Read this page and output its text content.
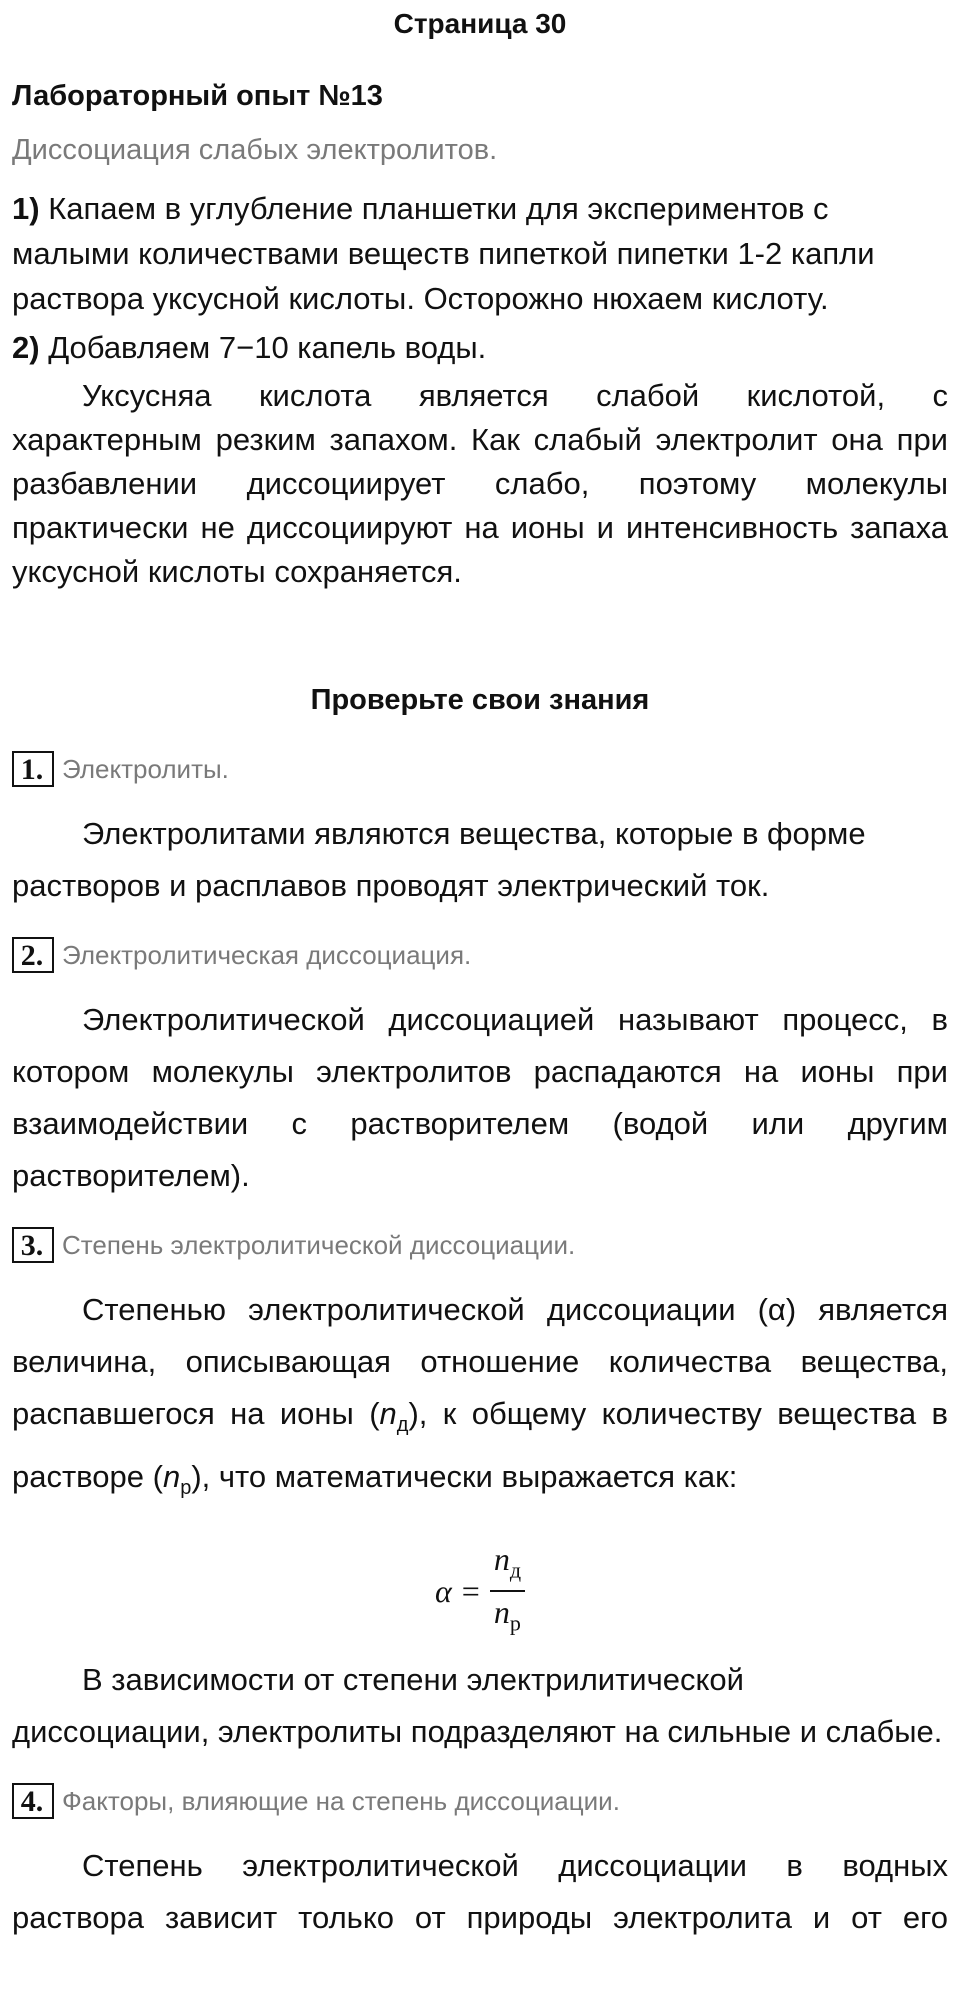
Страница 30
Лабораторный опыт №13
Диссоциация слабых электролитов.

1) Капаем в углубление планшетки для экспериментов с малыми количествами веществ пипеткой пипетки 1-2 капли раствора уксусной кислоты. Осторожно нюхаем кислоту.

2) Добавляем 7−10 капель воды.

Уксусняа кислота является слабой кислотой, с характерным резким запахом. Как слабый электролит она при разбавлении диссоциирует слабо, поэтому молекулы практически не диссоциируют на ионы и интенсивность запаха уксусной кислоты сохраняется.

Проверьте свои знания
1. Электролиты.

Электролитами являются вещества, которые в форме растворов и расплавов проводят электрический ток.

2. Электролитическая диссоциация.

Электролитической диссоциацией называют процесс, в котором молекулы электролитов распадаются на ионы при взаимодействии с растворителем (водой или другим растворителем).

3. Степень электролитической диссоциации.

Степенью электролитической диссоциации (α) является величина, описывающая отношение количества вещества, распавшегося на ионы $(n_д)$, к общему количеству вещества в растворе $(n_р)$, что математически выражается как:

$\alpha = \frac{n_д}{n_р}$

В зависимости от степени электрилитической диссоциации, электролиты подразделяют на сильные и слабые.

4. Факторы, влияющие на степень диссоциации.

Степень электролитической диссоциации в водных раствора зависит только от природы электролита и от его
